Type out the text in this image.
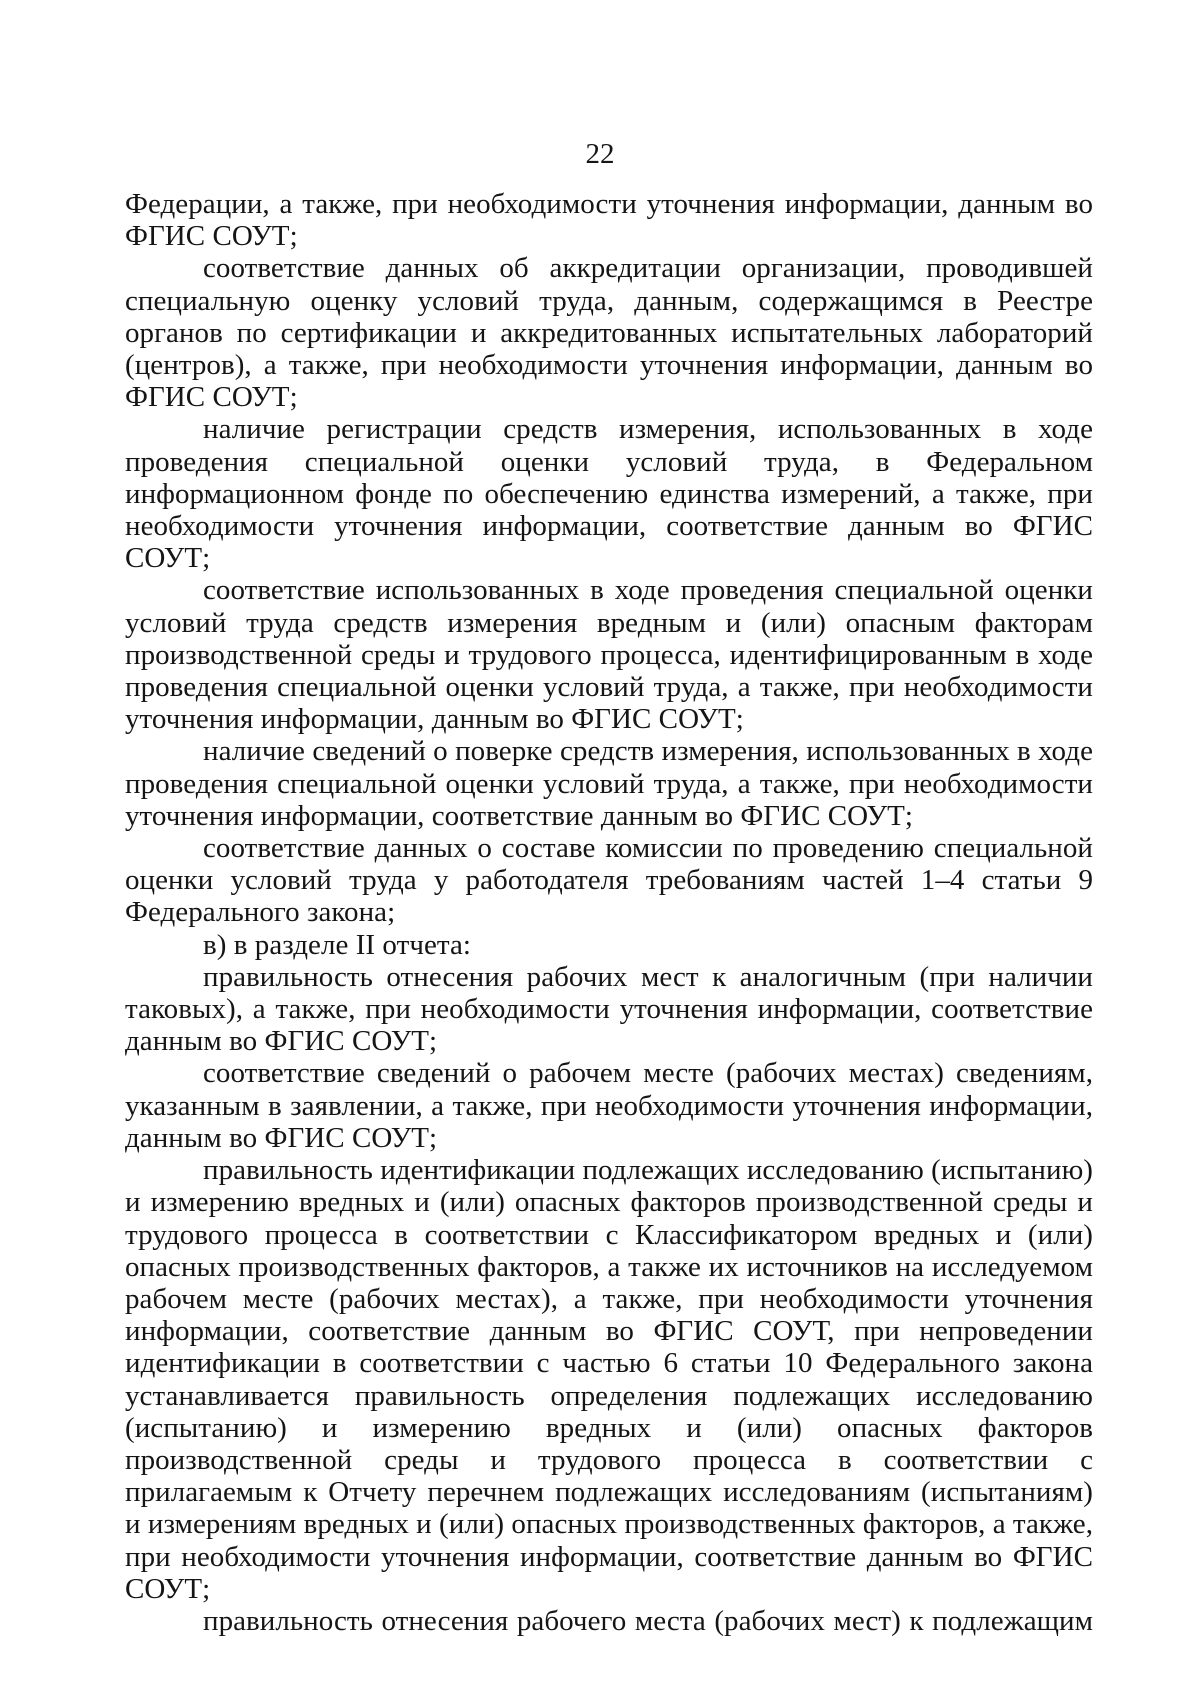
22

Федерации, а также, при необходимости уточнения информации, данным во ФГИС СОУТ;

соответствие данных об аккредитации организации, проводившей специальную оценку условий труда, данным, содержащимся в Реестре органов по сертификации и аккредитованных испытательных лабораторий (центров), а также, при необходимости уточнения информации, данным во ФГИС СОУТ;

наличие регистрации средств измерения, использованных в ходе проведения специальной оценки условий труда, в Федеральном информационном фонде по обеспечению единства измерений, а также, при необходимости уточнения информации, соответствие данным во ФГИС СОУТ;

соответствие использованных в ходе проведения специальной оценки условий труда средств измерения вредным и (или) опасным факторам производственной среды и трудового процесса, идентифицированным в ходе проведения специальной оценки условий труда, а также, при необходимости уточнения информации, данным во ФГИС СОУТ;

наличие сведений о поверке средств измерения, использованных в ходе проведения специальной оценки условий труда, а также, при необходимости уточнения информации, соответствие данным во ФГИС СОУТ;

соответствие данных о составе комиссии по проведению специальной оценки условий труда у работодателя требованиям частей 1–4 статьи 9 Федерального закона;

в) в разделе II отчета:

правильность отнесения рабочих мест к аналогичным (при наличии таковых), а также, при необходимости уточнения информации, соответствие данным во ФГИС СОУТ;

соответствие сведений о рабочем месте (рабочих местах) сведениям, указанным в заявлении, а также, при необходимости уточнения информации, данным во ФГИС СОУТ;

правильность идентификации подлежащих исследованию (испытанию) и измерению вредных и (или) опасных факторов производственной среды и трудового процесса в соответствии с Классификатором вредных и (или) опасных производственных факторов, а также их источников на исследуемом рабочем месте (рабочих местах), а также, при необходимости уточнения информации, соответствие данным во ФГИС СОУТ, при непроведении идентификации в соответствии с частью 6 статьи 10 Федерального закона устанавливается правильность определения подлежащих исследованию (испытанию) и измерению вредных и (или) опасных факторов производственной среды и трудового процесса в соответствии с прилагаемым к Отчету перечнем подлежащих исследованиям (испытаниям) и измерениям вредных и (или) опасных производственных факторов, а также, при необходимости уточнения информации, соответствие данным во ФГИС СОУТ;

правильность отнесения рабочего места (рабочих мест) к подлежащим
